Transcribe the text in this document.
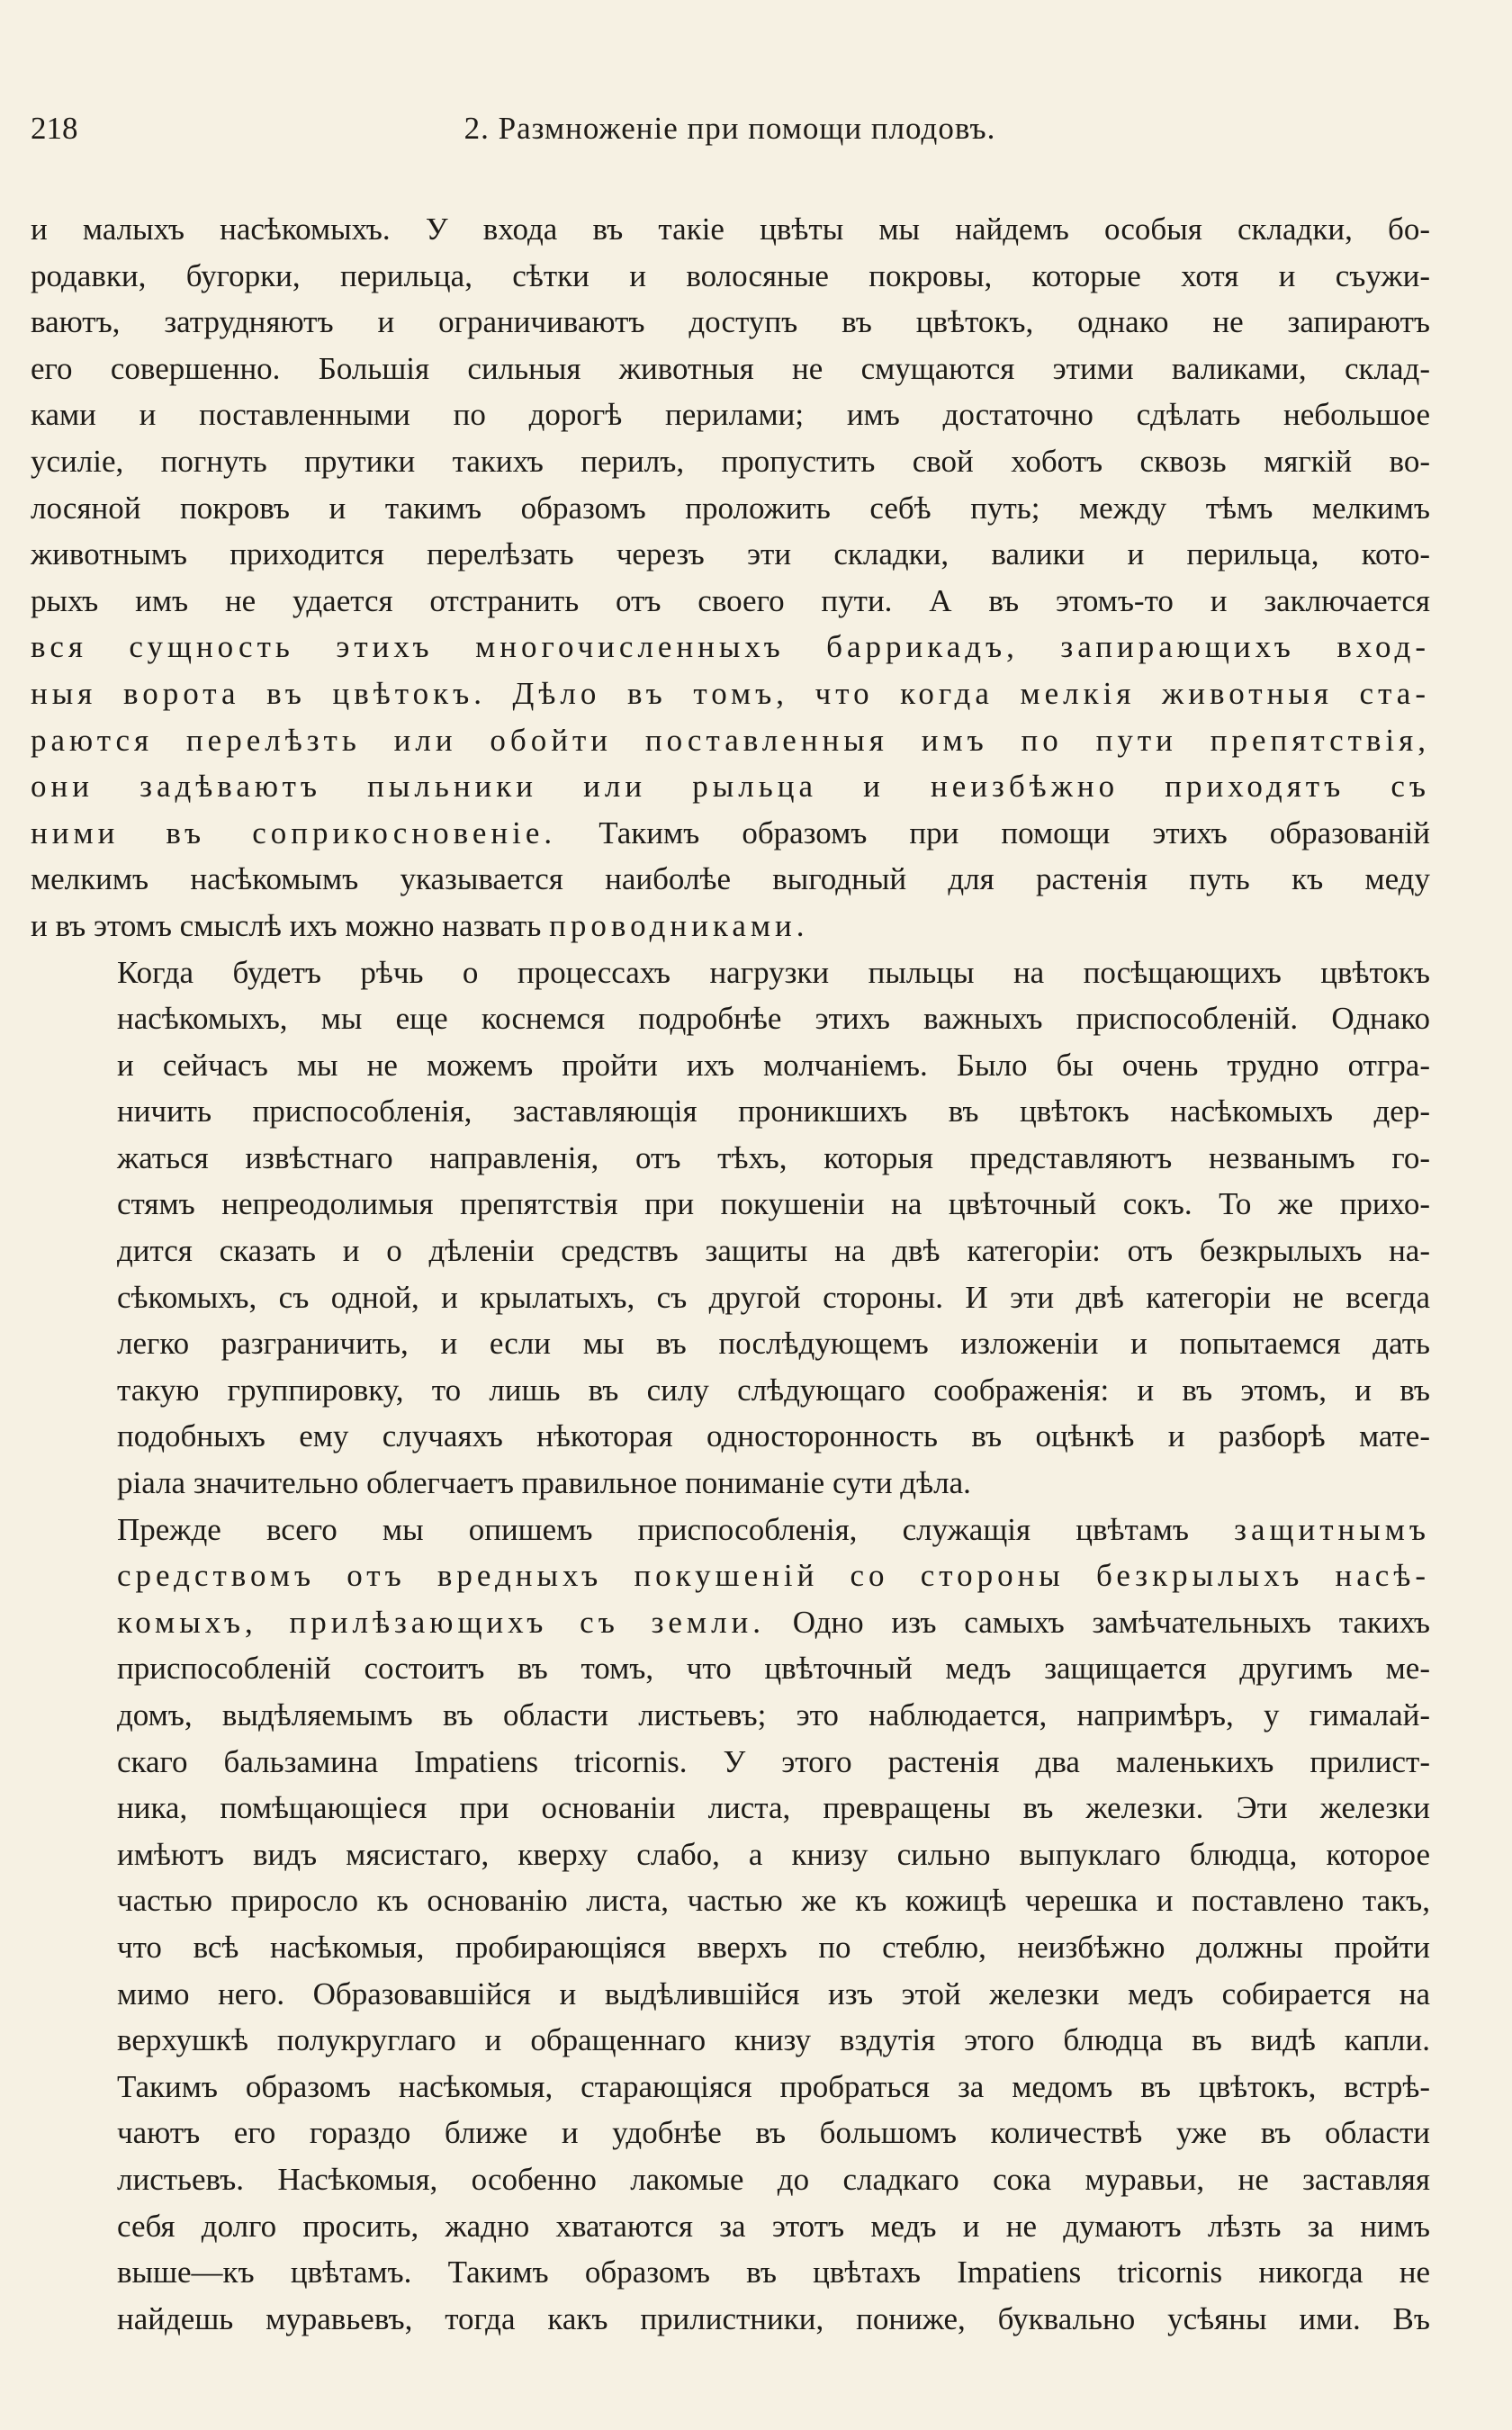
218	2. Размноженіе при помощи плодовъ.

и малыхъ насѣкомыхъ. У входа въ такіе цвѣты мы найдемъ особыя складки, бо-
родавки, бугорки, перильца, сѣтки и волосяные покровы, которые хотя и съужи-
ваютъ, затрудняютъ и ограничиваютъ доступъ въ цвѣтокъ, однако не запираютъ
его совершенно. Большія сильныя животныя не смущаются этими валиками, склад-
ками и поставленными по дорогѣ перилами; имъ достаточно сдѣлать небольшое
усиліе, погнуть прутики такихъ перилъ, пропустить свой хоботъ сквозь мягкій во-
лосяной покровъ и такимъ образомъ проложить себѣ путь; между тѣмъ мелкимъ
животнымъ приходится перелѣзать черезъ эти складки, валики и перильца, кото-
рыхъ имъ не удается отстранить отъ своего пути. А въ этомъ-то и заключается
вся сущность этихъ многочисленныхъ баррикадъ, запирающихъ вход-
ныя ворота въ цвѣтокъ. Дѣло въ томъ, что когда мелкія животныя ста-
раются перелѣзть или обойти поставленныя имъ по пути препятствія,
они задѣваютъ пыльники или рыльца и неизбѣжно приходятъ съ
ними въ соприкосновеніе. Такимъ образомъ при помощи этихъ образованій
мелкимъ насѣкомымъ указывается наиболѣе выгодный для растенія путь къ меду
и въ этомъ смыслѣ ихъ можно назвать проводниками.

Когда будетъ рѣчь о процессахъ нагрузки пыльцы на посѣщающихъ цвѣтокъ
насѣкомыхъ, мы еще коснемся подробнѣе этихъ важныхъ приспособленій. Однако
и сейчасъ мы не можемъ пройти ихъ молчаніемъ. Было бы очень трудно отгра-
ничить приспособленія, заставляющія проникшихъ въ цвѣтокъ насѣкомыхъ дер-
жаться извѣстнаго направленія, отъ тѣхъ, которыя представляютъ незванымъ го-
стямъ непреодолимыя препятствія при покушеніи на цвѣточный сокъ. То же прихо-
дится сказать и о дѣленіи средствъ защиты на двѣ категоріи: отъ безкрылыхъ на-
сѣкомыхъ, съ одной, и крылатыхъ, съ другой стороны. И эти двѣ категоріи не всегда
легко разграничить, и если мы въ послѣдующемъ изложеніи и попытаемся дать
такую группировку, то лишь въ силу слѣдующаго соображенія: и въ этомъ, и въ
подобныхъ ему случаяхъ нѣкоторая односторонность въ оцѣнкѣ и разборѣ мате-
ріала значительно облегчаетъ правильное пониманіе сути дѣла.

Прежде всего мы опишемъ приспособленія, служащія цвѣтамъ защитнымъ
средствомъ отъ вредныхъ покушеній со стороны безкрылыхъ насѣ-
комыхъ, прилѣзающихъ съ земли. Одно изъ самыхъ замѣчательныхъ такихъ
приспособленій состоитъ въ томъ, что цвѣточный медъ защищается другимъ ме-
домъ, выдѣляемымъ въ области листьевъ; это наблюдается, напримѣръ, у гималай-
скаго бальзамина Impatiens tricornis. У этого растенія два маленькихъ прилист-
ника, помѣщающіеся при основаніи листа, превращены въ железки. Эти железки
имѣютъ видъ мясистаго, кверху слабо, а книзу сильно выпуклаго блюдца, которое
частью приросло къ основанію листа, частью же къ кожицѣ черешка и поставлено такъ,
что всѣ насѣкомыя, пробирающіяся вверхъ по стеблю, неизбѣжно должны пройти
мимо него. Образовавшійся и выдѣлившійся изъ этой железки медъ собирается на
верхушкѣ полукруглаго и обращеннаго книзу вздутія этого блюдца въ видѣ капли.
Такимъ образомъ насѣкомыя, старающіяся пробраться за медомъ въ цвѣтокъ, встрѣ-
чаютъ его гораздо ближе и удобнѣе въ большомъ количествѣ уже въ области
листьевъ. Насѣкомыя, особенно лакомые до сладкаго сока муравьи, не заставляя
себя долго просить, жадно хватаются за этотъ медъ и не думаютъ лѣзть за нимъ
выше—къ цвѣтамъ. Такимъ образомъ въ цвѣтахъ Impatiens tricornis никогда не
найдешь муравьевъ, тогда какъ прилистники, пониже, буквально усѣяны ими. Въ
